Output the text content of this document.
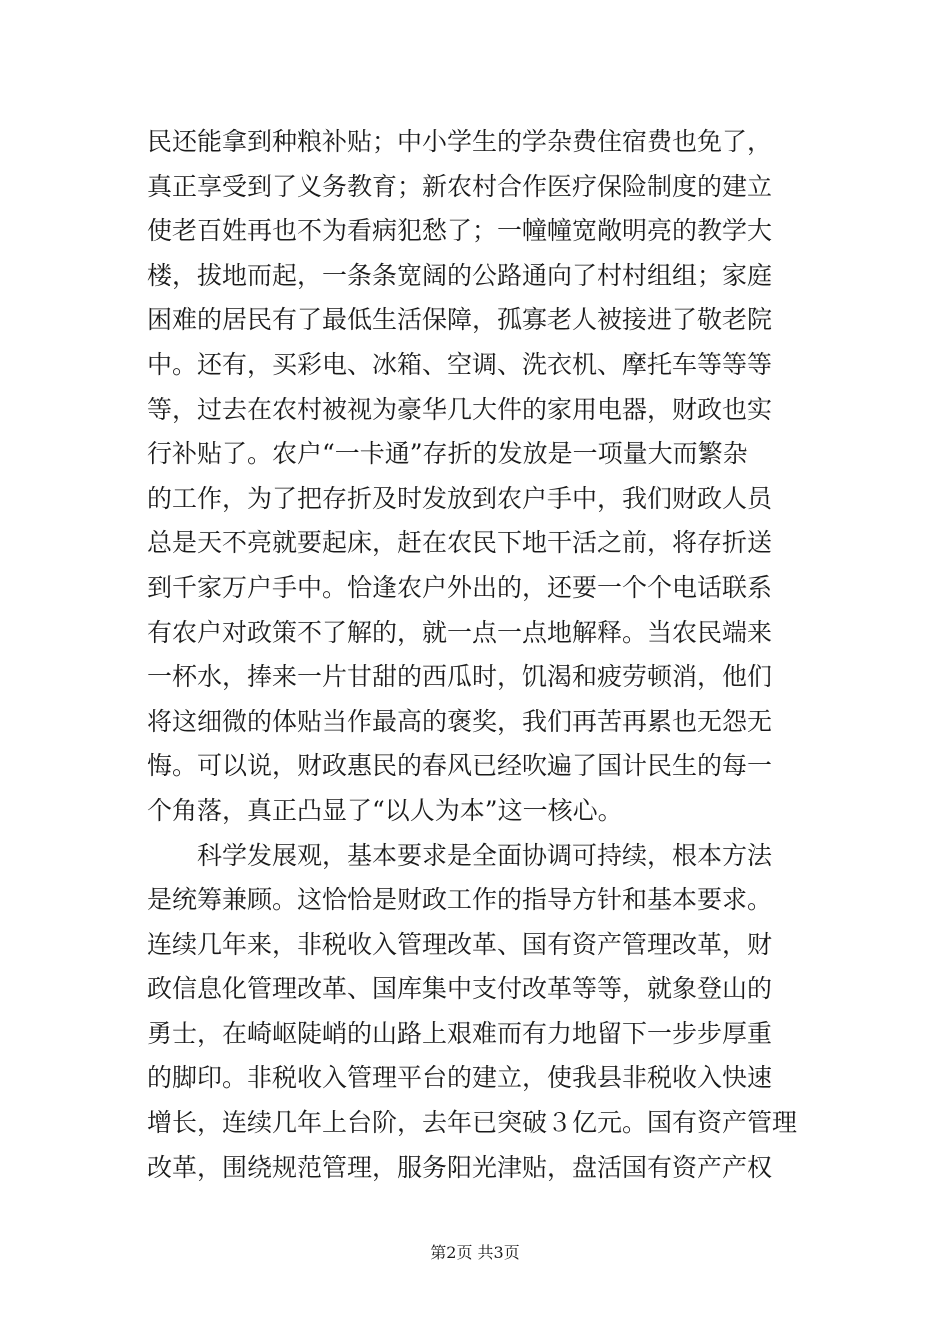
民还能拿到种粮补贴；中小学生的学杂费住宿费也免了，
真正享受到了义务教育；新农村合作医疗保险制度的建立
使老百姓再也不为看病犯愁了；一幢幢宽敞明亮的教学大
楼，拔地而起，一条条宽阔的公路通向了村村组组；家庭
困难的居民有了最低生活保障，孤寡老人被接进了敬老院
中。还有，买彩电、冰箱、空调、洗衣机、摩托车等等等
等，过去在农村被视为豪华几大件的家用电器，财政也实
行补贴了。农户“一卡通”存折的发放是一项量大而繁杂
的工作，为了把存折及时发放到农户手中，我们财政人员
总是天不亮就要起床，赶在农民下地干活之前，将存折送
到千家万户手中。恰逢农户外出的，还要一个个电话联系
有农户对政策不了解的，就一点一点地解释。当农民端来
一杯水，捧来一片甘甜的西瓜时，饥渴和疲劳顿消，他们
将这细微的体贴当作最高的褒奖，我们再苦再累也无怨无
悔。可以说，财政惠民的春风已经吹遍了国计民生的每一
个角落，真正凸显了“以人为本”这一核心。
　　科学发展观，基本要求是全面协调可持续，根本方法
是统筹兼顾。这恰恰是财政工作的指导方针和基本要求。
连续几年来，非税收入管理改革、国有资产管理改革，财
政信息化管理改革、国库集中支付改革等等，就象登山的
勇士，在崎岖陡峭的山路上艰难而有力地留下一步步厚重
的脚印。非税收入管理平台的建立，使我县非税收入快速
增长，连续几年上台阶，去年已突破３亿元。国有资产管理
改革，围绕规范管理，服务阳光津贴，盘活国有资产产权
第2页 共3页
